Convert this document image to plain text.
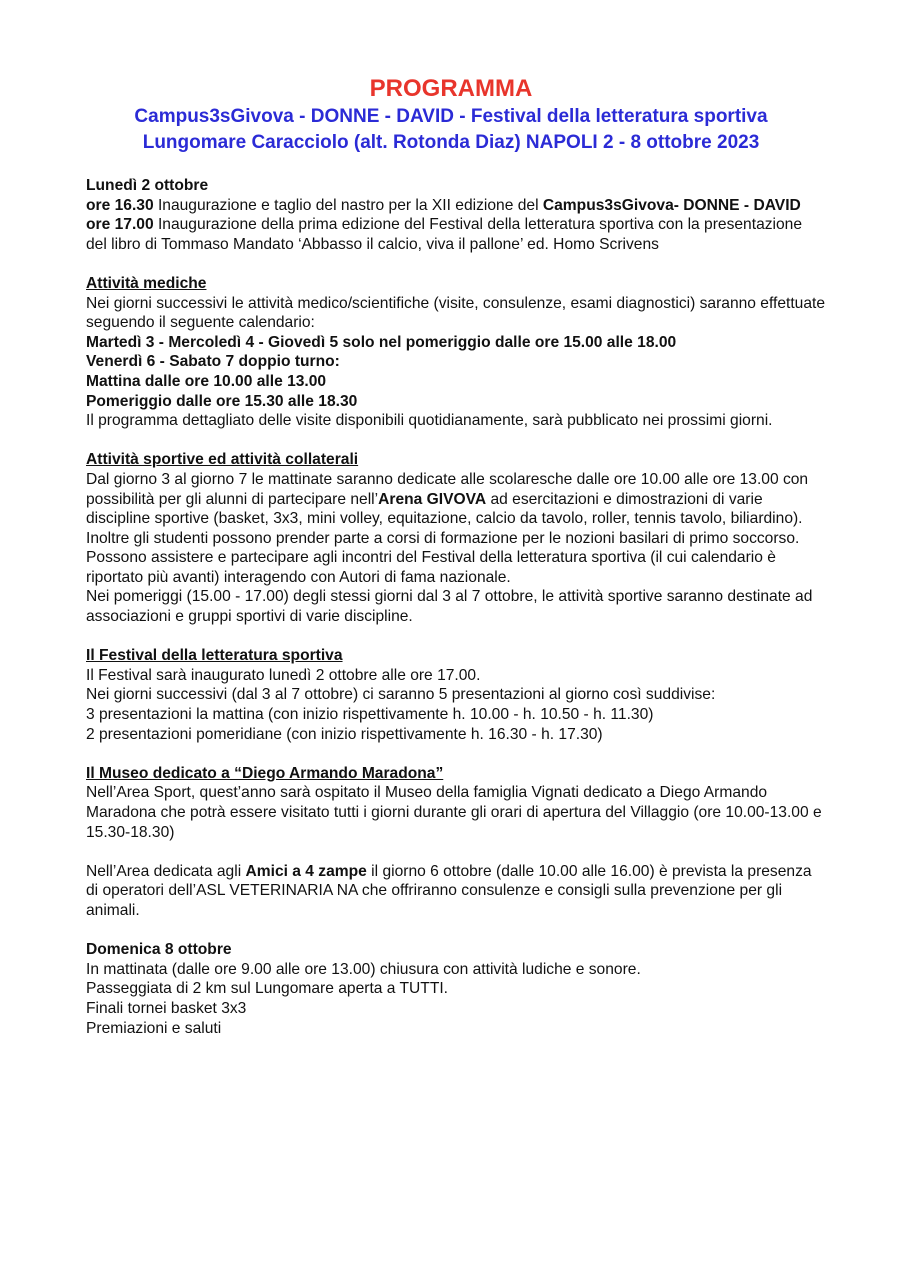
PROGRAMMA
Campus3sGivova - DONNE - DAVID - Festival della letteratura sportiva
Lungomare Caracciolo (alt. Rotonda Diaz) NAPOLI 2 - 8 ottobre 2023

Lunedì 2 ottobre

ore 16.30 Inaugurazione e taglio del nastro per la XII edizione del Campus3sGivova- DONNE - DAVID

ore 17.00 Inaugurazione della prima edizione del Festival della letteratura sportiva con la presentazione del libro di Tommaso Mandato ‘Abbasso il calcio, viva il pallone’ ed. Homo Scrivens

Attività mediche

Nei giorni successivi le attività medico/scientifiche (visite, consulenze, esami diagnostici) saranno effettuate seguendo il seguente calendario:

Martedì 3 - Mercoledì 4 - Giovedì 5 solo nel pomeriggio dalle ore 15.00 alle 18.00

Venerdì 6 - Sabato 7 doppio turno:

Mattina dalle ore 10.00 alle 13.00

Pomeriggio dalle ore 15.30 alle 18.30

Il programma dettagliato delle visite disponibili quotidianamente, sarà pubblicato nei prossimi giorni.

Attività sportive ed attività collaterali

Dal giorno 3 al giorno 7 le mattinate saranno dedicate alle scolaresche dalle ore 10.00 alle ore 13.00 con possibilità per gli alunni di partecipare nell’Arena GIVOVA ad esercitazioni e dimostrazioni di varie discipline sportive (basket, 3x3, mini volley, equitazione, calcio da tavolo, roller, tennis tavolo, biliardino).

Inoltre gli studenti possono prender parte a corsi di formazione per le nozioni basilari di primo soccorso.

Possono assistere e partecipare agli incontri del Festival della letteratura sportiva (il cui calendario è riportato più avanti) interagendo con Autori di fama nazionale.

Nei pomeriggi (15.00 - 17.00) degli stessi giorni dal 3 al 7 ottobre, le attività sportive saranno destinate ad associazioni e gruppi sportivi di varie discipline.

Il Festival della letteratura sportiva

Il Festival sarà inaugurato lunedì 2 ottobre alle ore 17.00.

Nei giorni successivi (dal 3 al 7 ottobre) ci saranno 5 presentazioni al giorno così suddivise:

3 presentazioni la mattina (con inizio rispettivamente h. 10.00 - h. 10.50 - h. 11.30)

2 presentazioni pomeridiane (con inizio rispettivamente h. 16.30 - h. 17.30)

Il Museo dedicato a “Diego Armando Maradona”

Nell’Area Sport, quest’anno sarà ospitato il Museo della famiglia Vignati dedicato a Diego Armando Maradona che potrà essere visitato tutti i giorni durante gli orari di apertura del Villaggio (ore 10.00-13.00 e 15.30-18.30)

Nell’Area dedicata agli Amici a 4 zampe il giorno 6 ottobre (dalle 10.00 alle 16.00) è prevista la presenza di operatori dell’ASL VETERINARIA NA che offriranno consulenze e consigli sulla prevenzione per gli animali.

Domenica 8 ottobre

In mattinata (dalle ore 9.00 alle ore 13.00) chiusura con attività ludiche e sonore.

Passeggiata di 2 km sul Lungomare aperta a TUTTI.

Finali tornei basket 3x3

Premiazioni e saluti
